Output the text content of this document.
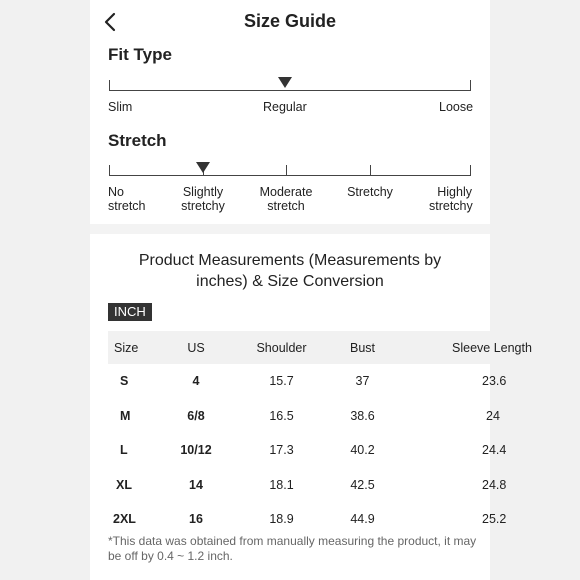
Size Guide
Fit Type
Slim	Regular	Loose
Stretch
No
stretch
Slightly
stretchy
Moderate
stretch
Stretchy	Highly
stretchy
Product Measurements (Measurements by inches) & Size Conversion
INCH
Size	US	Shoulder	Bust	Sleeve Length
S	4	15.7	37	23.6
M	6/8	16.5	38.6	24
L	10/12	17.3	40.2	24.4
XL	14	18.1	42.5	24.8
2XL	16	18.9	44.9	25.2
*This data was obtained from manually measuring the product, it may be off by 0.4 ~ 1.2 inch.
